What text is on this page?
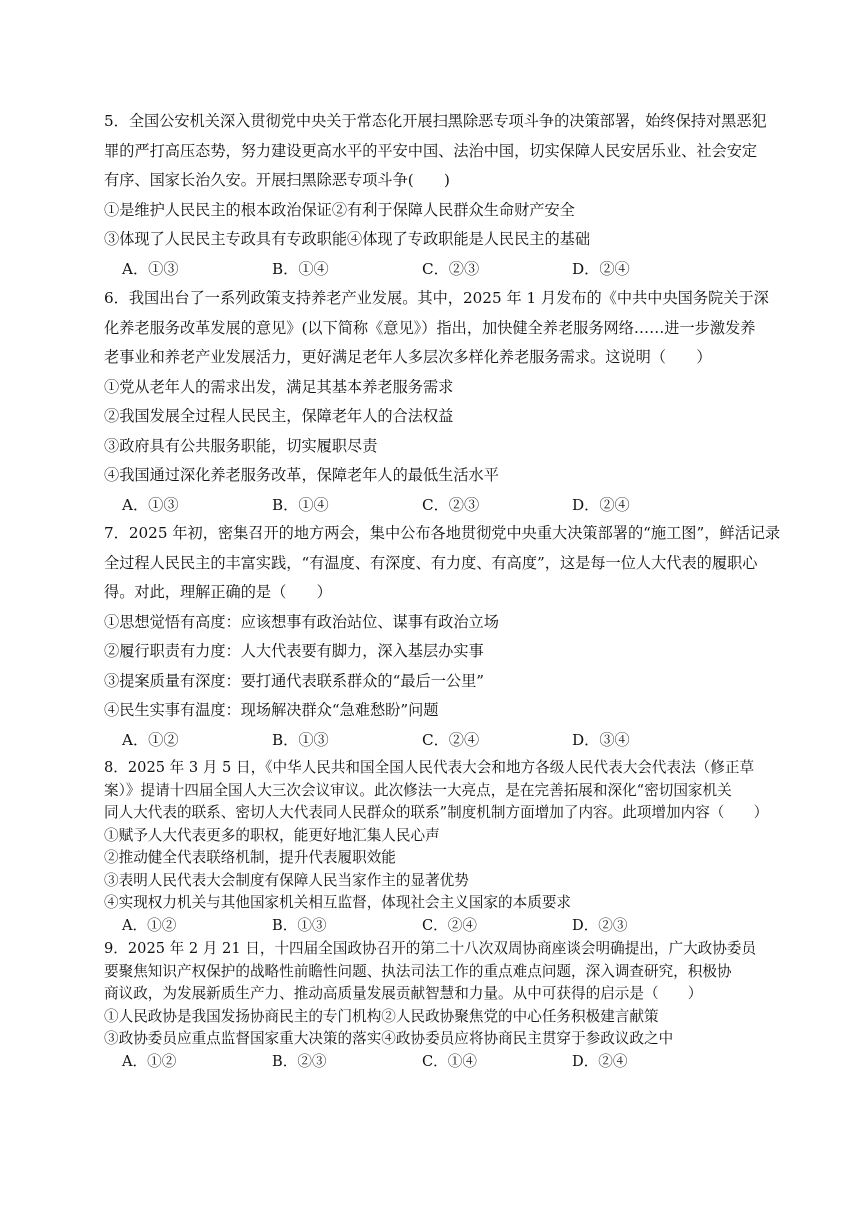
5．全国公安机关深入贯彻党中央关于常态化开展扫黑除恶专项斗争的决策部署，始终保持对黑恶犯
罪的严打高压态势，努力建设更高水平的平安中国、法治中国，切实保障人民安居乐业、社会安定
有序、国家长治久安。开展扫黑除恶专项斗争(　　)
①是维护人民民主的根本政治保证②有利于保障人民群众生命财产安全
③体现了人民民主专政具有专政职能④体现了专政职能是人民民主的基础
A．①③	B．①④	C．②③	D．②④
6．我国出台了一系列政策支持养老产业发展。其中，2025 年 1 月发布的《中共中央国务院关于深
化养老服务改革发展的意见》(以下简称《意见》）指出，加快健全养老服务网络……进一步激发养
老事业和养老产业发展活力，更好满足老年人多层次多样化养老服务需求。这说明（　　）
①党从老年人的需求出发，满足其基本养老服务需求
②我国发展全过程人民民主，保障老年人的合法权益
③政府具有公共服务职能，切实履职尽责
④我国通过深化养老服务改革，保障老年人的最低生活水平
A．①③	B．①④	C．②③	D．②④
7．2025 年初，密集召开的地方两会，集中公布各地贯彻党中央重大决策部署的“施工图”，鲜活记录
全过程人民民主的丰富实践，“有温度、有深度、有力度、有高度”，这是每一位人大代表的履职心
得。对此，理解正确的是（　　）
①思想觉悟有高度：应该想事有政治站位、谋事有政治立场
②履行职责有力度：人大代表要有脚力，深入基层办实事
③提案质量有深度：要打通代表联系群众的“最后一公里”
④民生实事有温度：现场解决群众“急难愁盼”问题
A．①②	B．①③	C．②④	D．③④
8．2025 年 3 月 5 日，《中华人民共和国全国人民代表大会和地方各级人民代表大会代表法（修正草
案）》提请十四届全国人大三次会议审议。此次修法一大亮点，是在完善拓展和深化“密切国家机关
同人大代表的联系、密切人大代表同人民群众的联系”制度机制方面增加了内容。此项增加内容（　　）
①赋予人大代表更多的职权，能更好地汇集人民心声
②推动健全代表联络机制，提升代表履职效能
③表明人民代表大会制度有保障人民当家作主的显著优势
④实现权力机关与其他国家机关相互监督，体现社会主义国家的本质要求
A．①②	B．①③	C．②④	D．②③
9．2025 年 2 月 21 日，十四届全国政协召开的第二十八次双周协商座谈会明确提出，广大政协委员
要聚焦知识产权保护的战略性前瞻性问题、执法司法工作的重点难点问题，深入调查研究，积极协
商议政，为发展新质生产力、推动高质量发展贡献智慧和力量。从中可获得的启示是（　　）
①人民政协是我国发扬协商民主的专门机构②人民政协聚焦党的中心任务积极建言献策
③政协委员应重点监督国家重大决策的落实④政协委员应将协商民主贯穿于参政议政之中
A．①②	B．②③	C．①④	D．②④
